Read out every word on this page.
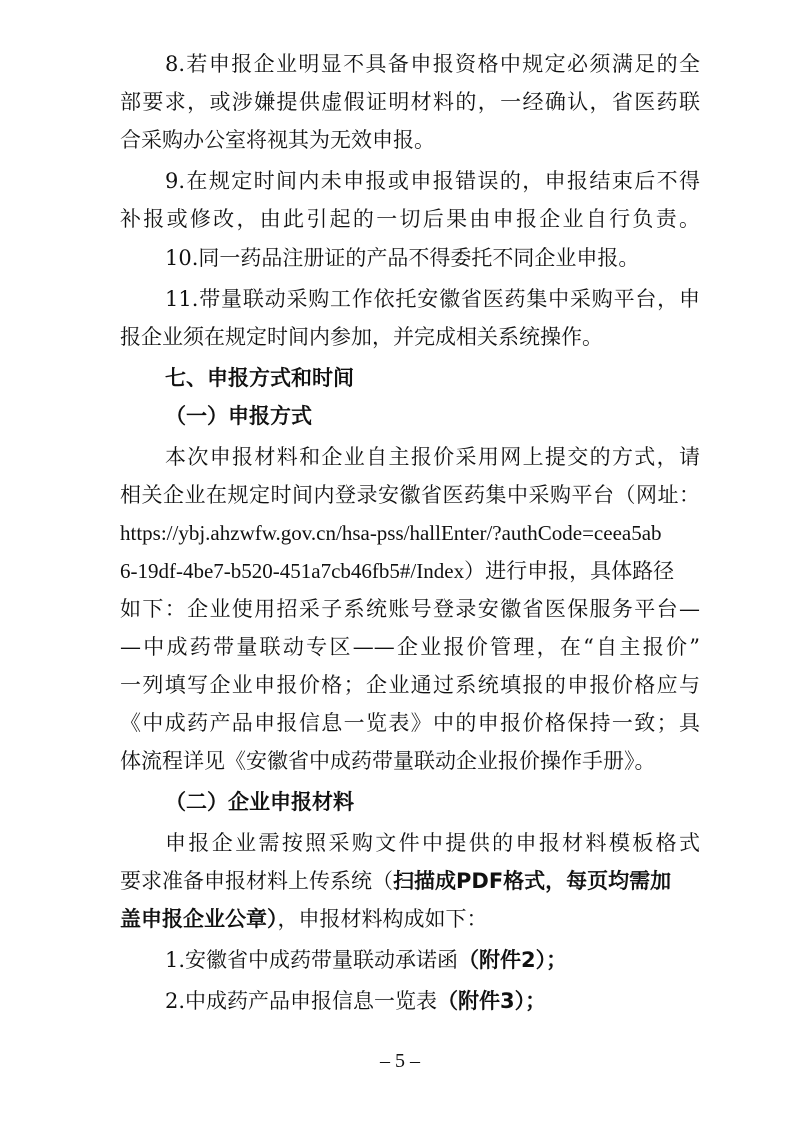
8.若申报企业明显不具备申报资格中规定必须满足的全
部要求，或涉嫌提供虚假证明材料的，一经确认，省医药联
合采购办公室将视其为无效申报。
9.在规定时间内未申报或申报错误的，申报结束后不得
补报或修改，由此引起的一切后果由申报企业自行负责。
10.同一药品注册证的产品不得委托不同企业申报。
11.带量联动采购工作依托安徽省医药集中采购平台，申
报企业须在规定时间内参加，并完成相关系统操作。
七、申报方式和时间
（一）申报方式
本次申报材料和企业自主报价采用网上提交的方式，请
相关企业在规定时间内登录安徽省医药集中采购平台（网址：
https://ybj.ahzwfw.gov.cn/hsa-pss/hallEnter/?authCode=ceea5ab
6-19df-4be7-b520-451a7cb46fb5#/Index）进行申报，具体路径
如下：企业使用招采子系统账号登录安徽省医保服务平台—
—中成药带量联动专区——企业报价管理，在“自主报价”
一列填写企业申报价格；企业通过系统填报的申报价格应与
《中成药产品申报信息一览表》中的申报价格保持一致；具
体流程详见《安徽省中成药带量联动企业报价操作手册》。
（二）企业申报材料
申报企业需按照采购文件中提供的申报材料模板格式
要求准备申报材料上传系统（扫描成PDF格式，每页均需加
盖申报企业公章），申报材料构成如下：
1.安徽省中成药带量联动承诺函（附件2）；
2.中成药产品申报信息一览表（附件3）；
– 5 –
